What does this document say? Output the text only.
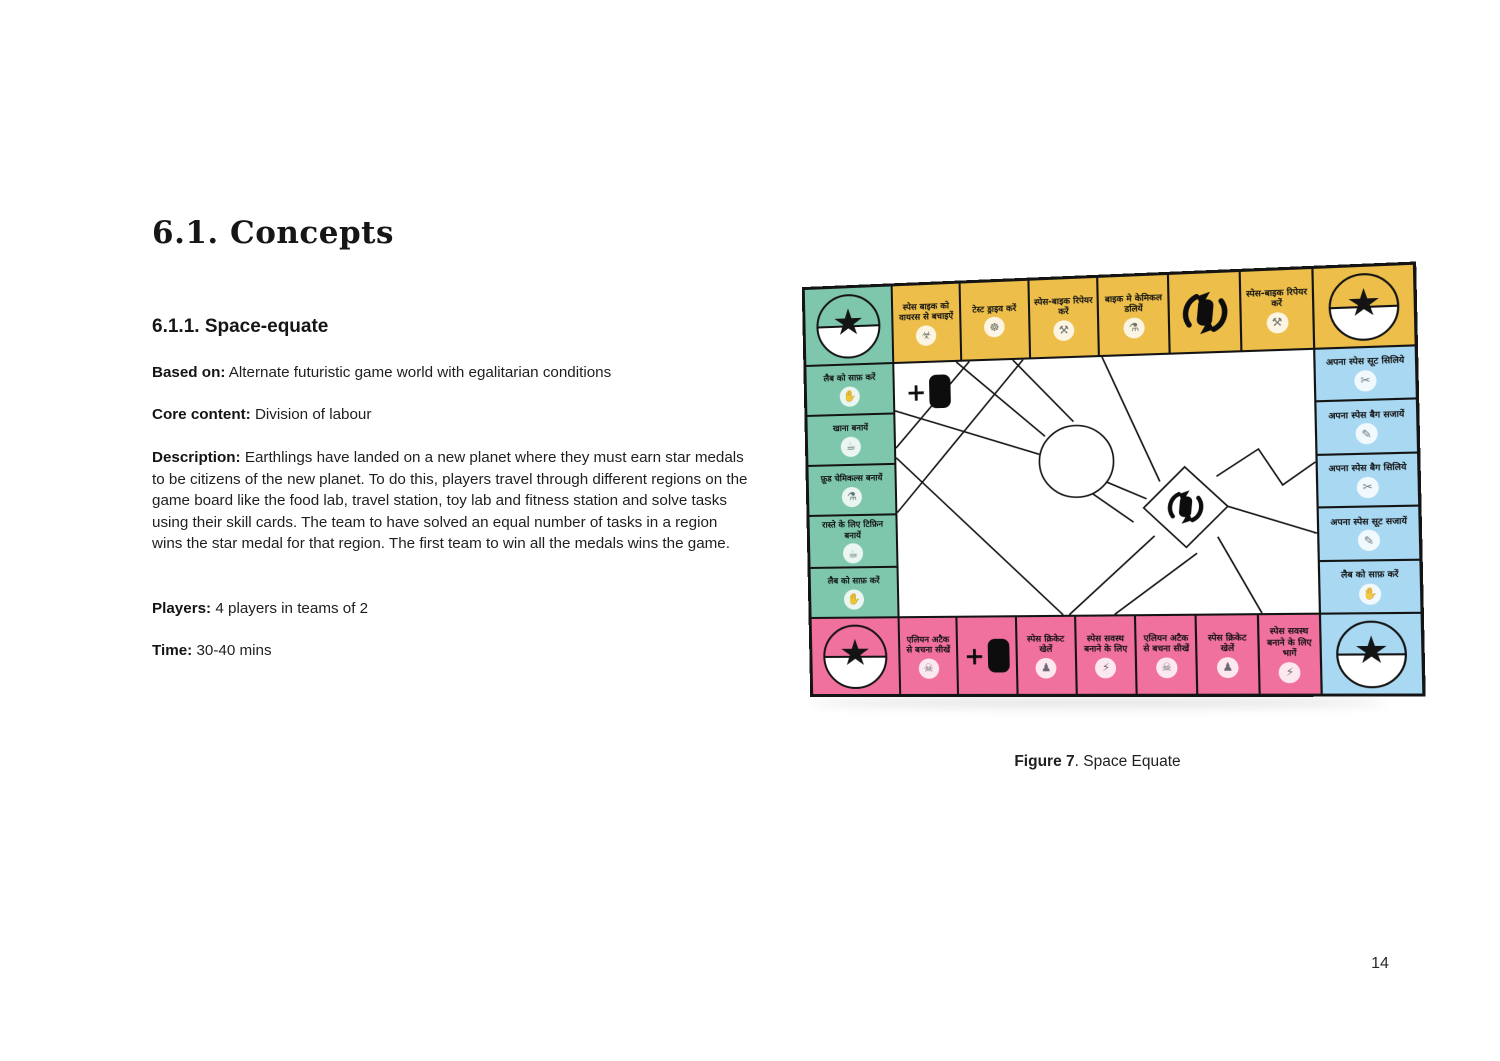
6.1. Concepts
6.1.1. Space-equate

Based on: Alternate futuristic game world with egalitarian conditions

Core content: Division of labour

Description: Earthlings have landed on a new planet where they must earn star medals to be citizens of the new planet. To do this, players travel through different regions on the game board like the food lab, travel station, toy lab and fitness station and solve tasks using their skill cards. The team to have solved an equal number of tasks in a region wins the star medal for that region. The first team to win all the medals wins the game.

Players: 4 players in teams of 2

Time: 30-40 mins

★	स्पेस बाइक को वायरस से बचाइऐं
☣
टेस्ट ड्राइव करें
☸
स्पेस-बाइक रिपेयर करें
⚒
बाइक मे केमिकल डलियें
⚗
स्पेस-बाइक रिपेयर करें
⚒ ★
लैब को साफ़ करें
✋
खाना बनायें
☕
फ़ूड चेमिकल्स बनायें
⚗
रास्ते के लिए टिफ़िन बनायें
☕
लैब को साफ़ करें
✋
+
अपना स्पेस सूट सिलिये
✂
अपना स्पेस बैग सजायें
✎
अपना स्पेस बैग सिलिये
✂
अपना स्पेस सूट सजायें
✎
लैब को साफ़ करें
✋
★	एलियन अटैक से बचना सीखें
☠ +
स्पेस क्रिकेट खेलें
♟
स्पेस सवस्थ बनाने के लिए
⚡
एलियन अटैक से बचना सीखें
☠
स्पेस क्रिकेट खेलें
♟
स्पेस सवस्थ बनाने के लिए भागें
⚡
★

Figure 7. Space Equate

14
